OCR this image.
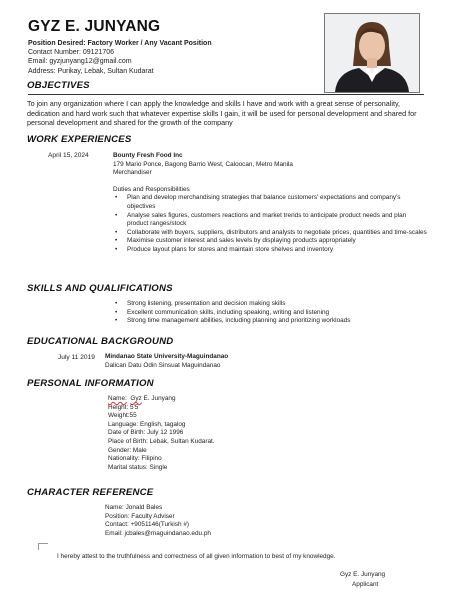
GYZ E. JUNYANG
Position Desired: Factory Worker / Any Vacant Position
Contact Number: 09121706
Email: gyzjunyang12@gmail.com
Address: Purikay, Lebak, Sultan Kudarat
OBJECTIVES
To join any organization where I can apply the knowledge and skills I have and work with a great sense of personality, dedication and hard work such that whatever expertise skills I gain, it will be used for personal development and shared for personal development and shared for the growth of the company
WORK EXPERIENCES
April 15, 2024	Bounty Fresh Food Inc
179 Mario Ponce, Bagong Barrio West, Caloocan, Metro Manila
Merchandiser
Duties and Responsibilities
• Plan and develop merchandising strategies that balance customers' expectations and company's objectives
• Analyse sales figures, customers reactions and market trends to anticipate product needs and plan product ranges/stock
• Collaborate with buyers, suppliers, distributors and analysts to negotiate prices, quantities and time-scales
• Maximise customer interest and sales levels by displaying products appropriately
• Produce layout plans for stores and maintain store shelves and inventory
SKILLS AND QUALIFICATIONS
• Strong listening, presentation and decision making skills
• Excellent communication skills, including speaking, writing and listening
• Strong time management abilities, including planning and prioritizing workloads
EDUCATIONAL BACKGROUND
July 11 2019 Mindanao State University-Maguindanao
Dalican Datu Odin Sinsuat Maguindanao
PERSONAL INFORMATION
Name: Gyz E. Junyang
Height: 5'5
Weight:55
Language: English, tagalog
Date of Birth: July 12 1996
Place of Birth: Lebak, Sultan Kudarat.
Gender: Male
Nationality: Filipino
Marital status: Single
CHARACTER REFERENCE
Name: Jonald Bales
Position: Faculty Adviser
Contact: +9051146(Turkish #)
Email: jcbales@maguindanao.edu.ph
I hereby attest to the truthfulness and correctness of all given information to best of my knowledge.
Gyz E. Junyang
Applicant
